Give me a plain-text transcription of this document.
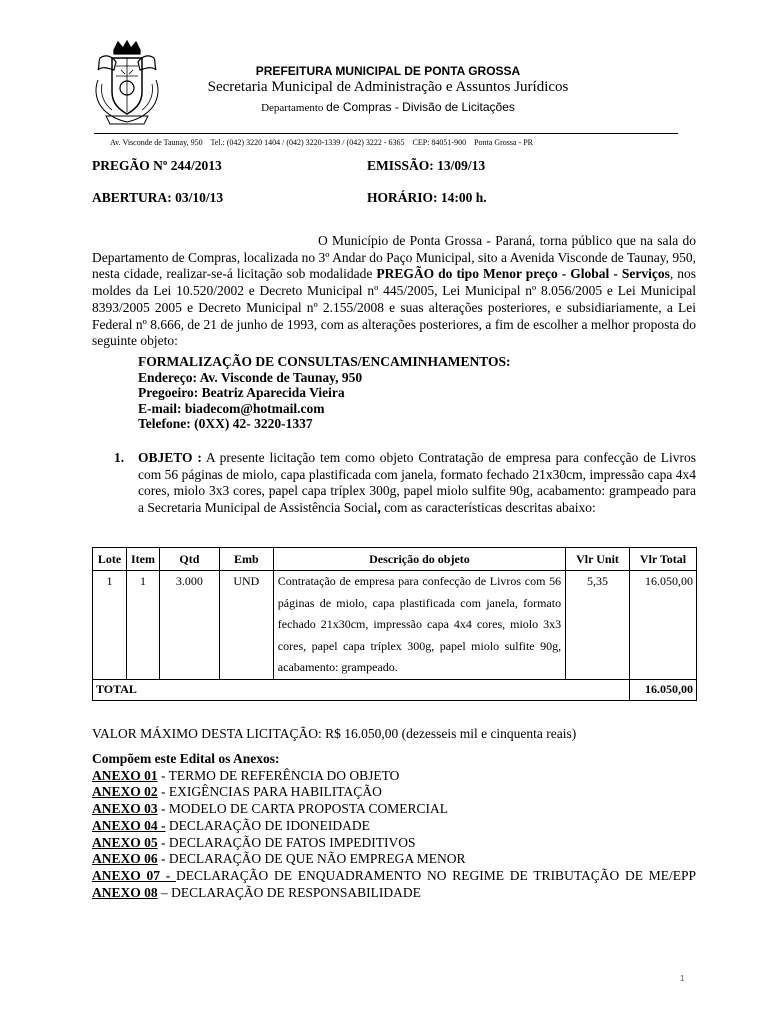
PREFEITURA MUNICIPAL DE PONTA GROSSA
Secretaria Municipal de Administração e Assuntos Jurídicos
Departamento de Compras - Divisão de Licitações
Av. Visconde de Taunay, 950 Tel.: (042) 3220 1404 / (042) 3220-1339 / (042) 3222 - 6365 CEP: 84051-900 Ponta Grossa - PR
PREGÃO Nº 244/2013	EMISSÃO: 13/09/13
ABERTURA: 03/10/13	HORÁRIO: 14:00 h.
O Município de Ponta Grossa - Paraná, torna público que na sala do Departamento de Compras, localizada no 3º Andar do Paço Municipal, sito a Avenida Visconde de Taunay, 950, nesta cidade, realizar-se-á licitação sob modalidade PREGÃO do tipo Menor preço - Global - Serviços, nos moldes da Lei 10.520/2002 e Decreto Municipal nº 445/2005, Lei Municipal nº 8.056/2005 e Lei Municipal 8393/2005 2005 e Decreto Municipal nº 2.155/2008 e suas alterações posteriores, e subsidiariamente, a Lei Federal nº 8.666, de 21 de junho de 1993, com as alterações posteriores, a fim de escolher a melhor proposta do seguinte objeto:
FORMALIZAÇÃO DE CONSULTAS/ENCAMINHAMENTOS:
Endereço: Av. Visconde de Taunay, 950
Pregoeiro: Beatriz Aparecida Vieira
E-mail: biadecom@hotmail.com
Telefone: (0XX) 42- 3220-1337
1. OBJETO : A presente licitação tem como objeto Contratação de empresa para confecção de Livros com 56 páginas de miolo, capa plastificada com janela, formato fechado 21x30cm, impressão capa 4x4 cores, miolo 3x3 cores, papel capa tríplex 300g, papel miolo sulfite 90g, acabamento: grampeado para a Secretaria Municipal de Assistência Social, com as características descritas abaixo:
Lote	Item	Qtd	Emb	Descrição do objeto	Vlr Unit	Vlr Total
1	1	3.000	UND	Contratação de empresa para confecção de Livros com 56 páginas de miolo, capa plastificada com janela, formato fechado 21x30cm, impressão capa 4x4 cores, miolo 3x3 cores, papel capa tríplex 300g, papel miolo sulfite 90g, acabamento: grampeado.	5,35	16.050,00
TOTAL						16.050,00
VALOR MÁXIMO DESTA LICITAÇÃO: R$ 16.050,00 (dezesseis mil e cinquenta reais)
Compõem este Edital os Anexos:
ANEXO 01 - TERMO DE REFERÊNCIA DO OBJETO
ANEXO 02 - EXIGÊNCIAS PARA HABILITAÇÃO
ANEXO 03 - MODELO DE CARTA PROPOSTA COMERCIAL
ANEXO 04 - DECLARAÇÃO DE IDONEIDADE
ANEXO 05 - DECLARAÇÃO DE FATOS IMPEDITIVOS
ANEXO 06 - DECLARAÇÃO DE QUE NÃO EMPREGA MENOR
ANEXO 07 - DECLARAÇÃO DE ENQUADRAMENTO NO REGIME DE TRIBUTAÇÃO DE ME/EPP
ANEXO 08 – DECLARAÇÃO DE RESPONSABILIDADE
1
